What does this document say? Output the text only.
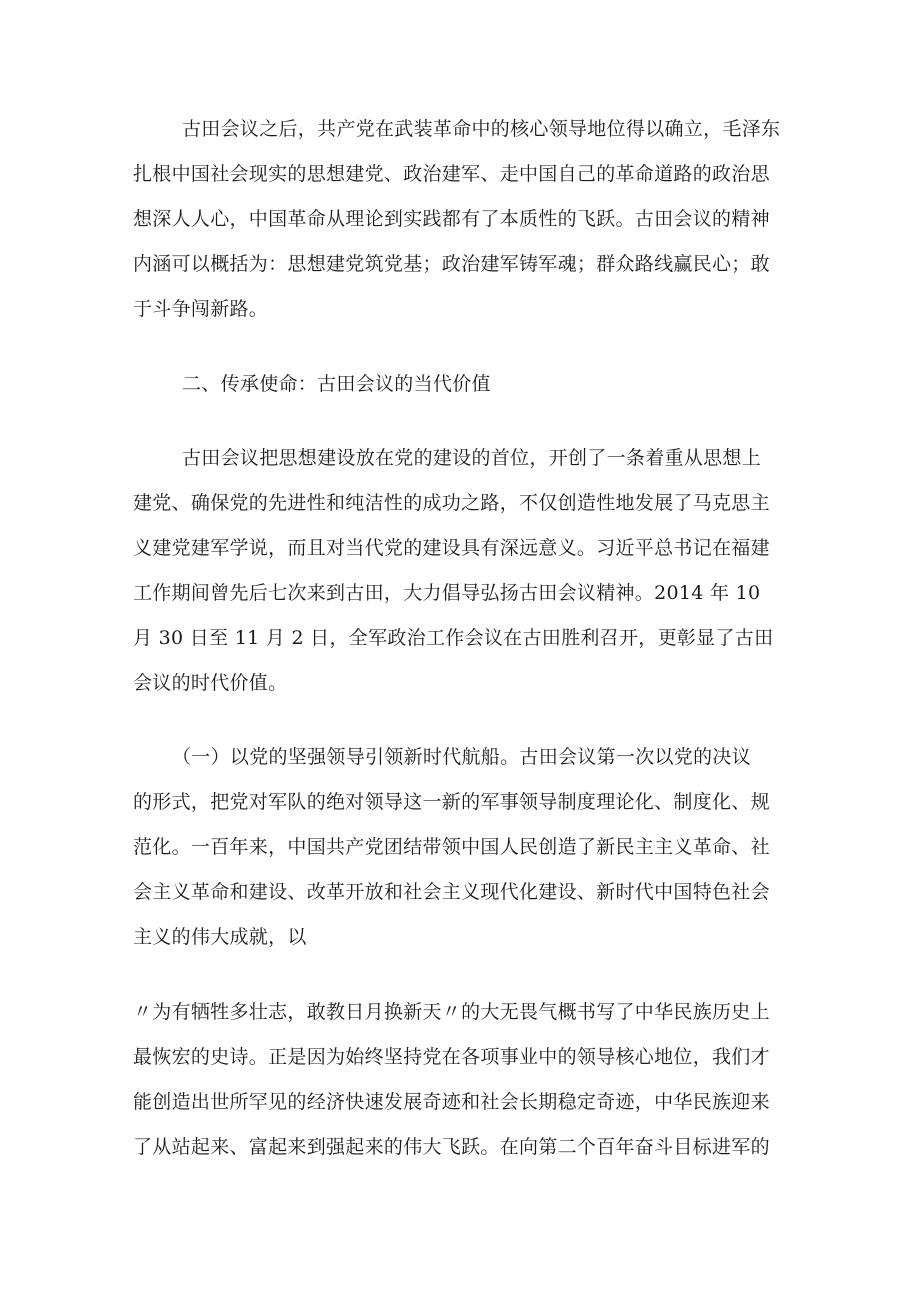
古田会议之后，共产党在武装革命中的核心领导地位得以确立，毛泽东
扎根中国社会现实的思想建党、政治建军、走中国自己的革命道路的政治思
想深人人心，中国革命从理论到实践都有了本质性的飞跃。古田会议的精神
内涵可以概括为：思想建党筑党基；政治建军铸军魂；群众路线赢民心；敢
于斗争闯新路。
二、传承使命：古田会议的当代价值
古田会议把思想建设放在党的建设的首位，开创了一条着重从思想上
建党、确保党的先进性和纯洁性的成功之路，不仅创造性地发展了马克思主
义建党建军学说，而且对当代党的建设具有深远意义。习近平总书记在福建
工作期间曾先后七次来到古田，大力倡导弘扬古田会议精神。2014 年 10
月 30 日至 11 月 2 日，全军政治工作会议在古田胜利召开，更彰显了古田
会议的时代价值。
（一）以党的坚强领导引领新时代航船。古田会议第一次以党的决议
的形式，把党对军队的绝对领导这一新的军事领导制度理论化、制度化、规
范化。一百年来，中国共产党团结带领中国人民创造了新民主主义革命、社
会主义革命和建设、改革开放和社会主义现代化建设、新时代中国特色社会
主义的伟大成就，以
〃为有牺牲多壮志，敢教日月换新天〃的大无畏气概书写了中华民族历史上
最恢宏的史诗。正是因为始终坚持党在各项事业中的领导核心地位，我们才
能创造出世所罕见的经济快速发展奇迹和社会长期稳定奇迹，中华民族迎来
了从站起来、富起来到强起来的伟大飞跃。在向第二个百年奋斗目标进军的
